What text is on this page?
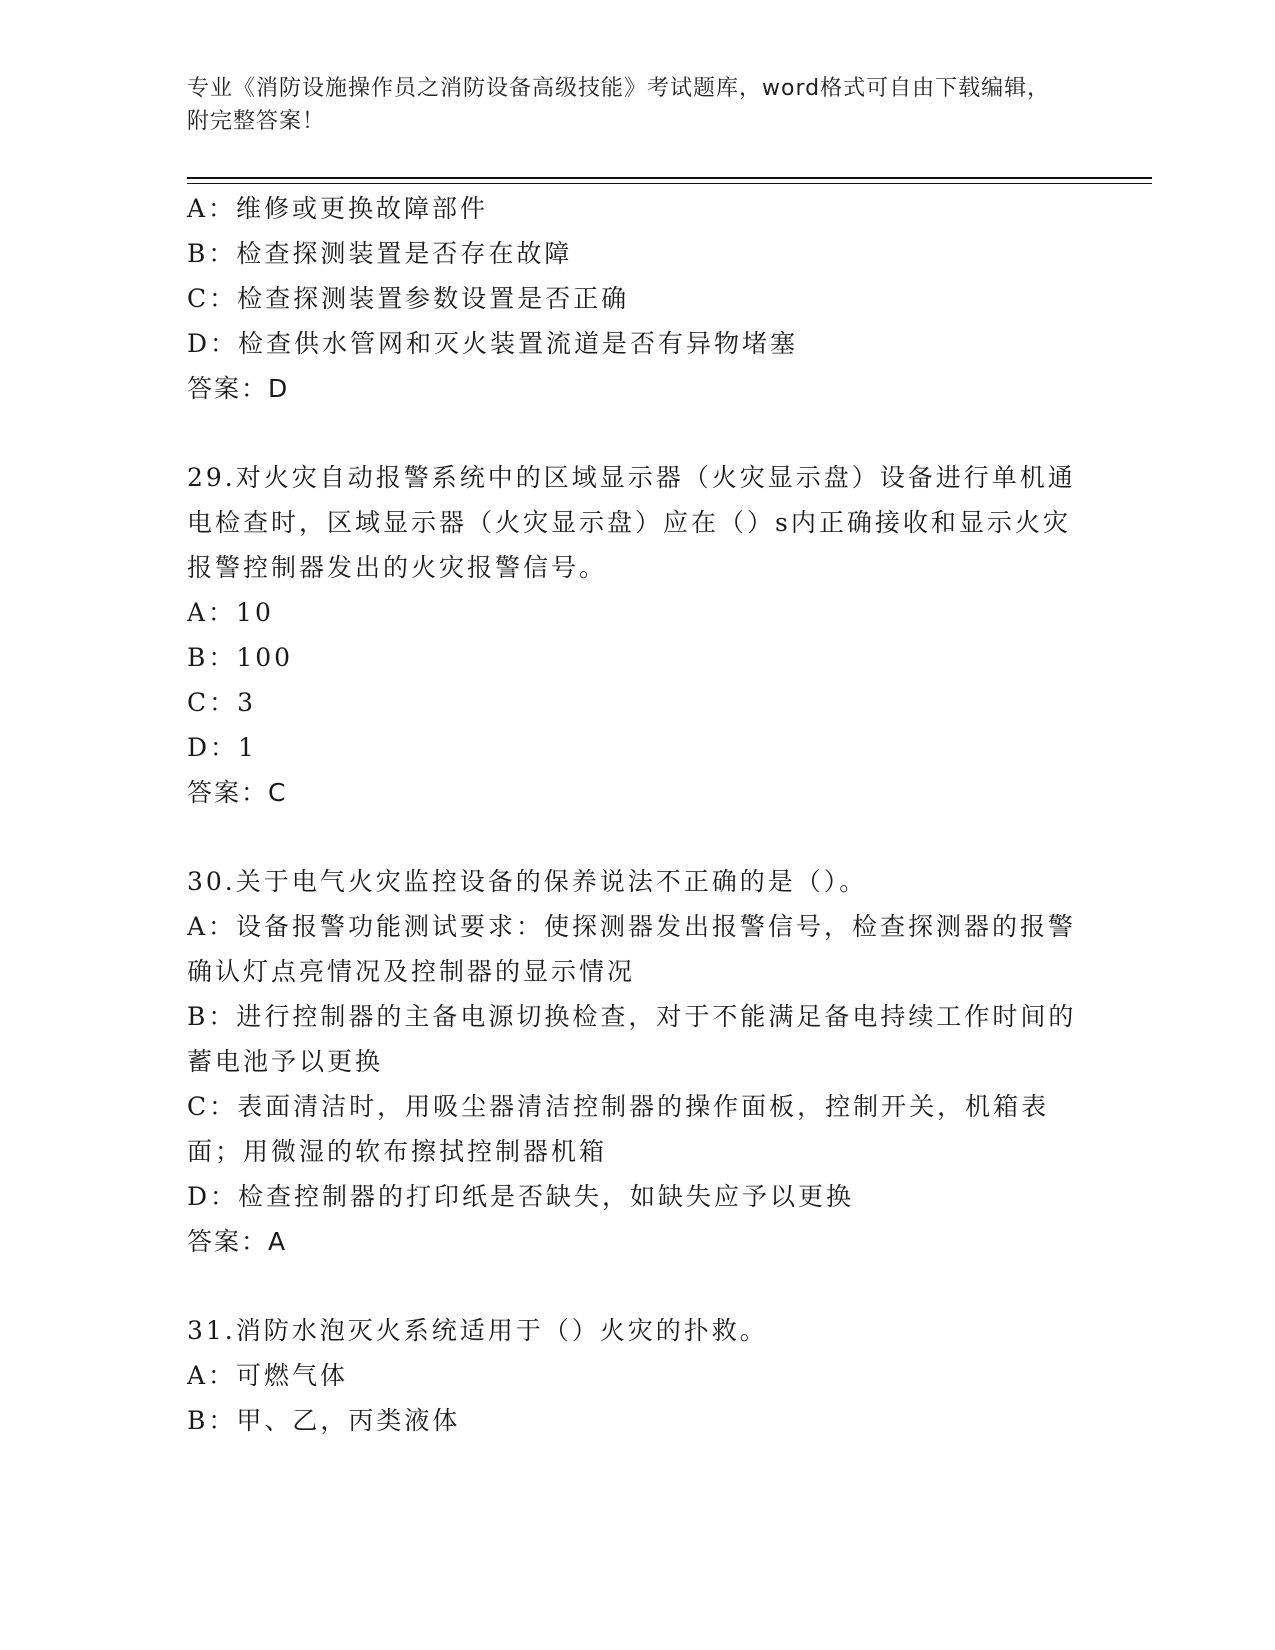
专业《消防设施操作员之消防设备高级技能》考试题库，word格式可自由下载编辑，附完整答案！

A：维修或更换故障部件

B：检查探测装置是否存在故障

C：检查探测装置参数设置是否正确

D：检查供水管网和灭火装置流道是否有异物堵塞

答案：D

29.对火灾自动报警系统中的区域显示器（火灾显示盘）设备进行单机通电检查时，区域显示器（火灾显示盘）应在（）s内正确接收和显示火灾报警控制器发出的火灾报警信号。

A：10

B：100

C：3

D：1

答案：C

30.关于电气火灾监控设备的保养说法不正确的是（）。

A：设备报警功能测试要求：使探测器发出报警信号，检查探测器的报警确认灯点亮情况及控制器的显示情况

B：进行控制器的主备电源切换检查，对于不能满足备电持续工作时间的蓄电池予以更换

C：表面清洁时，用吸尘器清洁控制器的操作面板，控制开关，机箱表面；用微湿的软布擦拭控制器机箱

D：检查控制器的打印纸是否缺失，如缺失应予以更换

答案：A

31.消防水泡灭火系统适用于（）火灾的扑救。

A：可燃气体

B：甲、乙，丙类液体
